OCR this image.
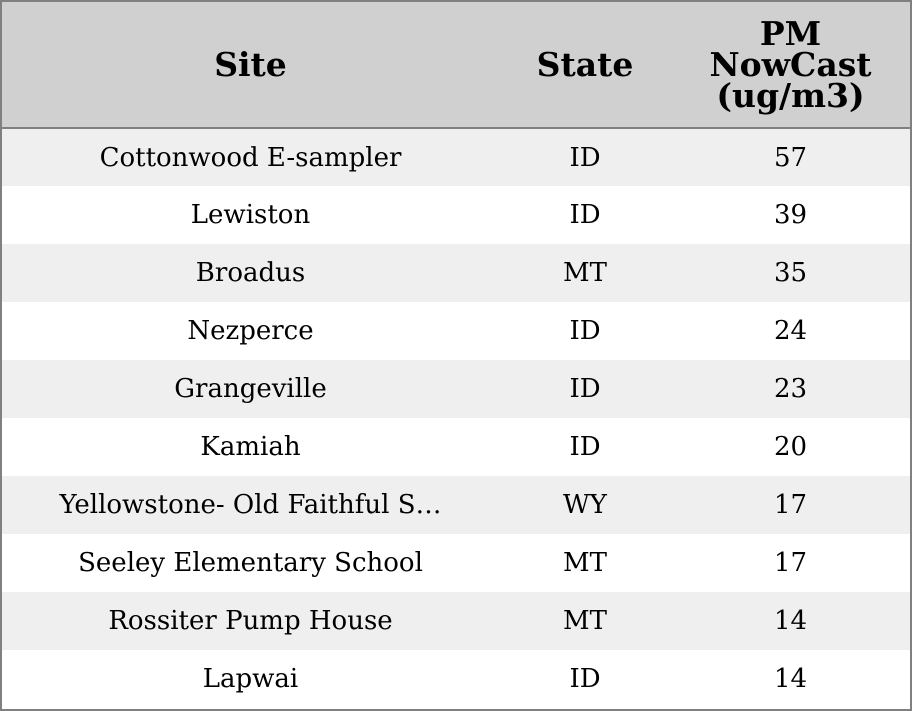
Site	State	PM
NowCast
(ug/m3)
Cottonwood E-sampler	ID	57
Lewiston	ID	39
Broadus	MT	35
Nezperce	ID	24
Grangeville	ID	23
Kamiah	ID	20
Yellowstone- Old Faithful S…	WY	17
Seeley Elementary School	MT	17
Rossiter Pump House	MT	14
Lapwai	ID	14
